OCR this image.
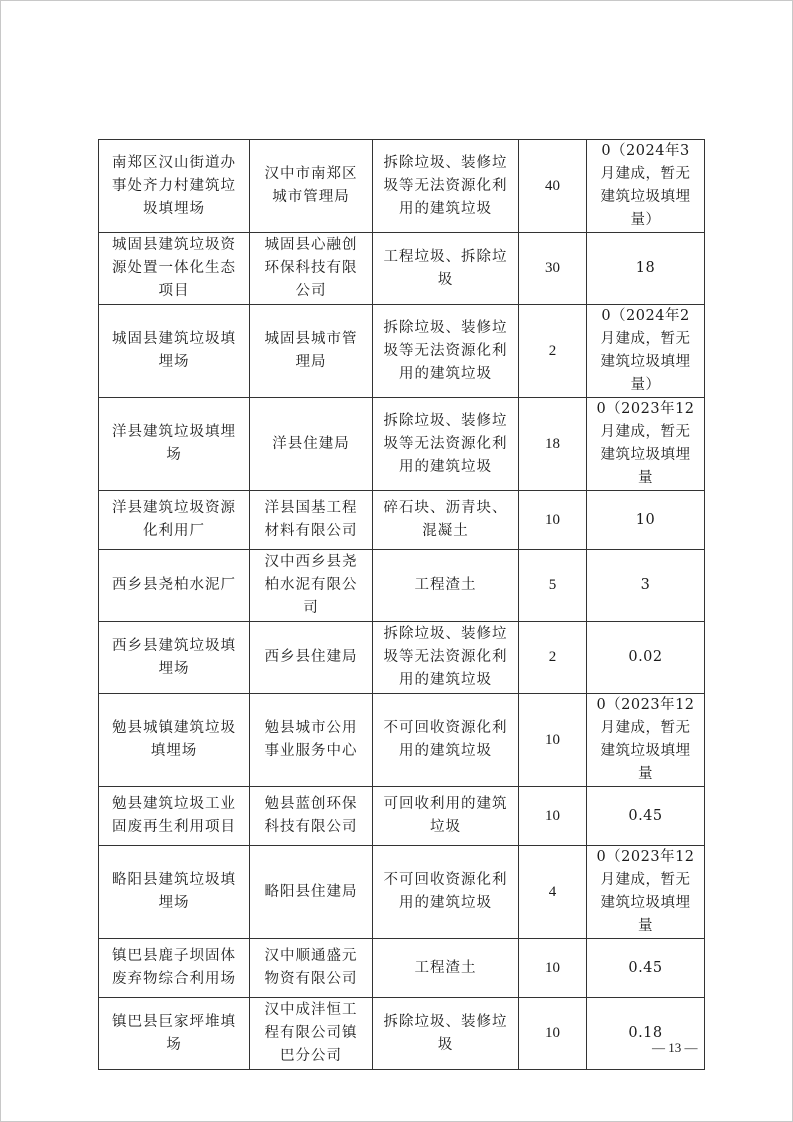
南郑区汉山街道办事处齐力村建筑垃圾填埋场	汉中市南郑区城市管理局	拆除垃圾、装修垃圾等无法资源化利用的建筑垃圾	40	0（2024年3月建成，暂无建筑垃圾填埋量）
城固县建筑垃圾资源处置一体化生态项目	城固县心融创环保科技有限公司	工程垃圾、拆除垃圾	30	18
城固县建筑垃圾填埋场	城固县城市管理局	拆除垃圾、装修垃圾等无法资源化利用的建筑垃圾	2	0（2024年2月建成，暂无建筑垃圾填埋量）
洋县建筑垃圾填埋场	洋县住建局	拆除垃圾、装修垃圾等无法资源化利用的建筑垃圾	18	0（2023年12月建成，暂无建筑垃圾填埋量
洋县建筑垃圾资源化利用厂	洋县国基工程材料有限公司	碎石块、沥青块、混凝土	10	10
西乡县尧柏水泥厂	汉中西乡县尧柏水泥有限公司	工程渣土	5	3
西乡县建筑垃圾填埋场	西乡县住建局	拆除垃圾、装修垃圾等无法资源化利用的建筑垃圾	2	0.02
勉县城镇建筑垃圾填埋场	勉县城市公用事业服务中心	不可回收资源化利用的建筑垃圾	10	0（2023年12月建成，暂无建筑垃圾填埋量
勉县建筑垃圾工业固废再生利用项目	勉县蓝创环保科技有限公司	可回收利用的建筑垃圾	10	0.45
略阳县建筑垃圾填埋场	略阳县住建局	不可回收资源化利用的建筑垃圾	4	0（2023年12月建成，暂无建筑垃圾填埋量
镇巴县鹿子坝固体废弃物综合利用场	汉中顺通盛元物资有限公司	工程渣土	10	0.45
镇巴县巨家坪堆填场	汉中成沣恒工程有限公司镇巴分公司	拆除垃圾、装修垃圾	10	0.18
— 13 —
